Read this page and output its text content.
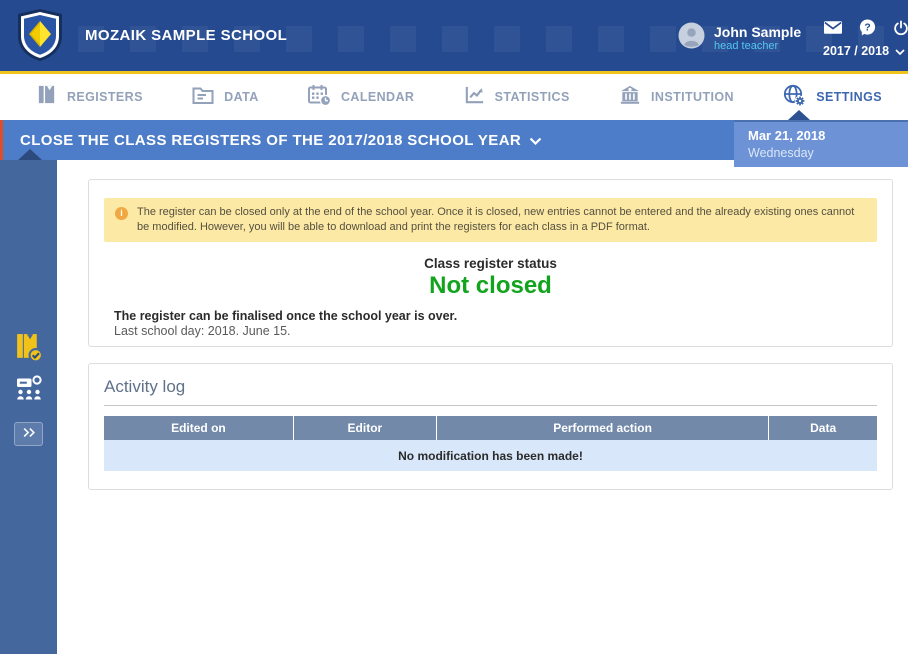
MOZAIK SAMPLE SCHOOL	John Sample
head teacher
?
2017 / 2018
REGISTERS	DATA	CALENDAR	STATISTICS	INSTITUTION	SETTINGS
CLOSE THE CLASS REGISTERS OF THE 2017/2018 SCHOOL YEAR	Mar 21, 2018
Wednesday
i	The register can be closed only at the end of the school year. Once it is closed, new entries cannot be entered and the already existing ones cannot be modified. However, you will be able to download and print the registers for each class in a PDF format.
Class register status
Not closed
The register can be finalised once the school year is over.
Last school day: 2018. June 15.
Activity log
Edited on	Editor	Performed action	Data
No modification has been made!
